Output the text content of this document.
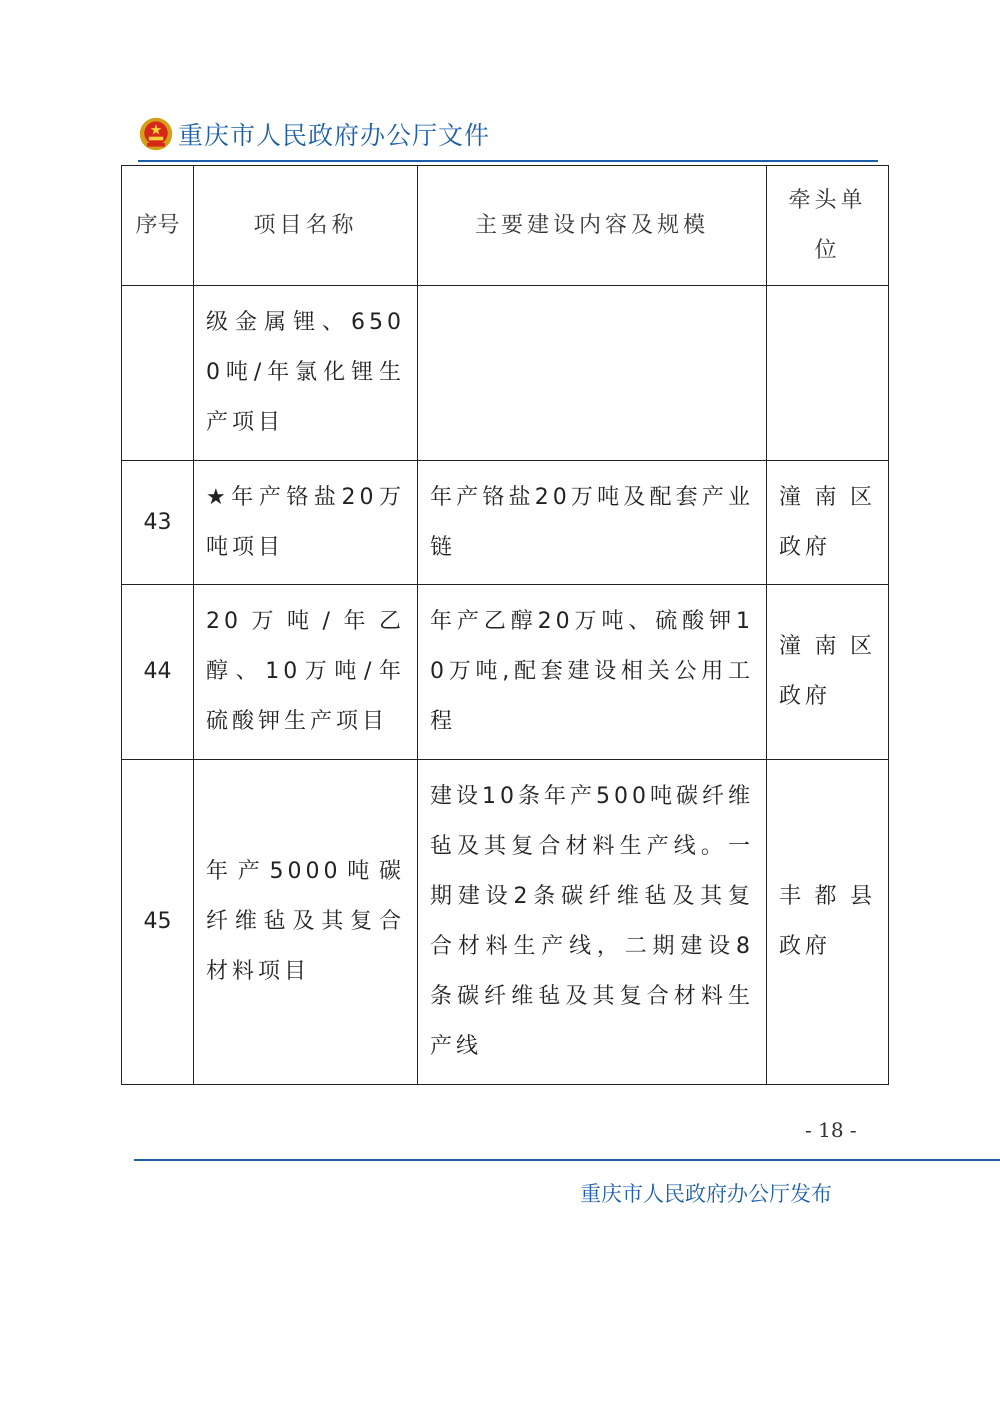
重庆市人民政府办公厅文件
序号	项目名称	主要建设内容及规模	牵头单位
	级金属锂、6500吨/年氯化锂生产项目		
43	★年产铬盐20万吨项目	年产铬盐20万吨及配套产业链	潼南区政府
44	20万吨/年乙醇、10万吨/年硫酸钾生产项目	年产乙醇20万吨、硫酸钾10万吨,配套建设相关公用工程	潼南区政府
45	年产5000吨碳纤维毡及其复合材料项目	建设10条年产500吨碳纤维毡及其复合材料生产线。一期建设2条碳纤维毡及其复合材料生产线，二期建设8条碳纤维毡及其复合材料生产线	丰都县政府
- 18 -
重庆市人民政府办公厅发布
